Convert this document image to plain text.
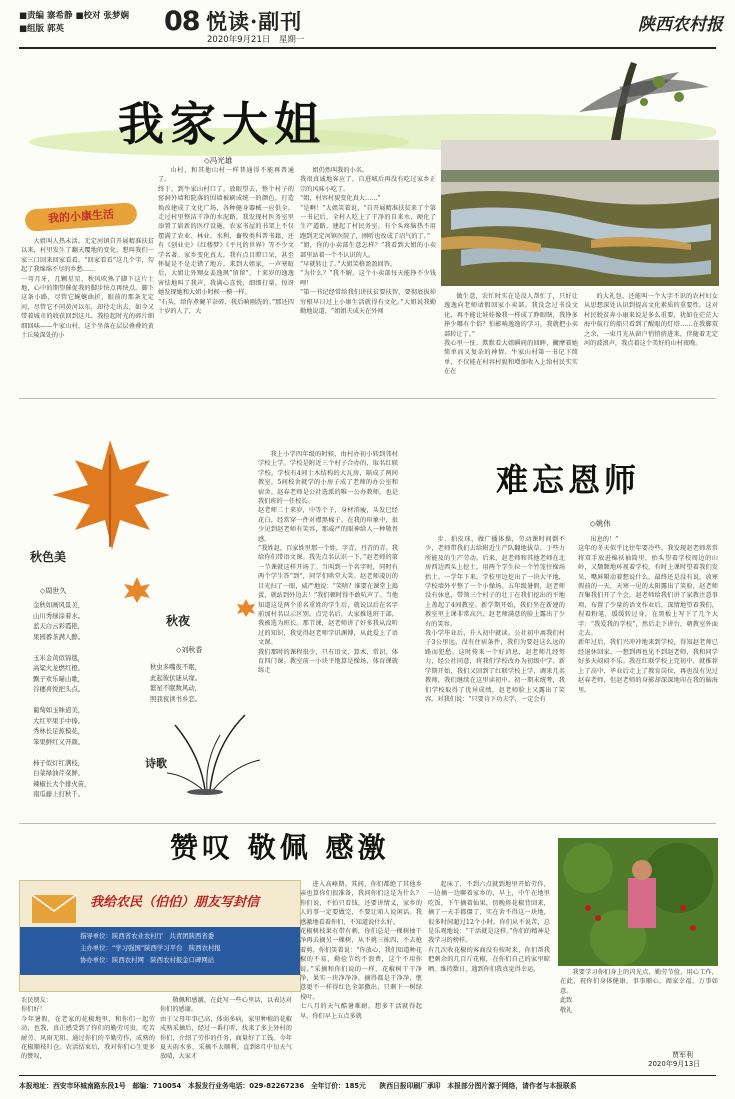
■责编 寨希静 ■校对 张梦娴
■组版 郭英	08 悦读·副刊
2020年9月21日　星期一
陕西农村报
我家大姐
◇冯光雄
我的小康生活
大姐叫人热未活，无定河镇自开展精准扶贫以来，村里发生了翻天覆地的变化，想叫我们一家三口回来回家看看。“回家看看”这几个字，勾起了我绵绵不尽的乡愁……
一弯月牙，几颗星星，秋风吹熟了脚下这片土地，心中的期望催促我的脚步快点再快点。脚下这条小路，尽管它蜿蜒曲折，眼前的那条无定河，尽管它不同黄河以东，却待走出去，如今又带着城市的收获回到这儿。我捡起时光的碎片细细回味——牛家山村，这个坐落在层层叠叠的黄土丘陵深处的小
山村，和其他山村一样普通得不能再普通了。
终于，到牛家山村口了。放眼望去，整个村子的窑洞外墙和院落的围墙被刷成统一的颜色，打造焕改建成了文化广场，各种健身器械一应俱全。走过村里整洁干净的水泥路，我发现村医务室里添置了崭新的医疗设施，农家书屋的书架上不仅摆满了农业、林业、水利、畜牧类科普书籍，还有《创业史》《红楼梦》《平凡的世界》等不少文学名著。家乡变化真大，我有点目瞪口呆，甚至怀疑是不是走错了地方。来到大姐家，一声寒暄后，大姐让外甥女姜逸飒“留留”，十来岁的逸逸害怯地叫了我声，我满心喜悦，细细打量，惊讶她发现她和大姐小时候一模一样。
“石头，给你煮碗羊杂碎，我后晌刚洗的。”那还四十岁的人了，大
姐仍然叫我的小名。
我很真诚地客应了，自进城后再没有吃过家乡正宗的风味小吃了。
“姐，村容村貌变化真大……”
“是啊！”大姐笑着说，“自开展精准扶贫来了个第一书记后，全村人吃上了干净的自来水，硬化了生产道路，建起了村民务室，有个头疼脑热不用跑到无定河镇医院了，刚听也改成了沼气的了。”
“姐，你的小卖部生意怎样？”我看到大姐的小卖部里站着一个不认识的人。
“早就转让了。”大姐笑格盈盈回答。
“为什么？”我不解，这个小卖部每天能挣不少钱哩！
“第一书记经常给我们讲扶贫要扶智，要彻底拔掉穷根早日过上小康生活就得有文化。”大姐说我勤勤地说道，“姐姐夫成天在外闯
做生意，农忙时实在是没人帮忙了，只好让逸逸向老师请假回家小卖部。我没念过书没文化，再不能让娃娃像我一样成了睁眼瞎，我挣多挣少哪有个俗？怕影响逸逸的学习，我就把小卖部转让了。”
我心里一怔，默默看大姐瞬间的回眸，撇摩着她简单而又复杂的神情。牛家山村第一书记卞简单，不仅能在村容村貌和增加收入上给村民实实在在
的大礼包，还能叫一个大字不识的农村妇女从思想深处认识到提高文化素质的重要性。这对村民脱贫奔小康来说是多么重要，犹如在茫茫大海中航行的船只看到了醒眼的灯塔……在我脚双之余，一束月光从窗户悄悄挤进来，伴随着无定河的波浪声，我点着这个美好的山村夜晚。
秋色美
◇周世久
金秋如画风景美，
山川秀绿涂着水。
蓝天白云彩霞艳，
果园番茶满人醉。

玉米金黄似锦毯，
高粱火龙燃红橙。
飘子欢乐喵山歌，
谷穗喜悦把头点。

葡萄如玉味道美，
大红苹果手中捧。
秀林长足蕉模花，
笨果鲜红又开颜。

柿子似灯红满枝，
白菜绿油芹菜鲜。
辣椒长大个排火苗，
南瓜藤上打秋千。
秋夜
◇刘秋香
秋虫多嘴夜不眠，
此起彼伏谜从缘。
繁星不眠数风动，
照我夜读书乡恋。
诗歌
我上小学四年级的时候，由村办初小转到邻村学校上学。学校是附近三个村子合办的，取名红联学校。学校有4间土木结构的大瓦房，隔成了两间教室，5间校舍就学的小房子成了老师的办公室和宿舍。赵春老师是公社选派的唯一公办教师，也是我们班的一任校长。
赵老师二十来岁，中等个子，身材消瘦，头发已经花白，经常穿一件对襟黑棉子。在我的印象中，很少见到赵老师有笑容，那威严的眼神给人一种敬畏感。
“我姓赵，百家姓里那一个姓，字青，丹青的青。我给你们带语文课。我先点名认识一下，”赵老师的第一节课就这样开场了。当叫到一个名字时，同时有两个学生答“到”，同学们哄堂大笑。赵老师凌厉的目光扫了一眼，威严地说：“笑啥？谁要在课堂上捣蛋，就站到外边去！”我们顿时得不敢吭声了。当他知道这是两个重名重姓的学生后，就说以后在名字前加村名以示区别。点完名后，大家推选班干部，我被选为班长。那节课，赵老师讲了好多我从没听过的知识，我觉得赵老师学识渊博，从此爱上了语文课。
我们那时的课程很少，只有语文、算术、常识、体育四门课。教室前一小块平地算是操场，体育课就练走
难忘恩师
◇姚伟
步、拍皮球、做广播体操，劳动课时间倒不少，老师带我们去给附近生产队翻地拔草，于些力所能及的生产劳动。后来，赵老师和其他老师在北房西边西头上挖土，用两个学生拉一个竹笼往操场抬土。一学年下来，学校里边挖出了一块大平地，学校墙外平整了一个小操场。五年级暑假，赵老师没有休息，带领三个村子的壮丁在我们挖出的平地上盖起了4间教室。新学期开始，我们坐在新建的教室里上课非常高兴，赵老师满意的脸上露出了少有的笑容。
我小学毕业后，升入初中就读。公社初中离我们村子3公里远，没有住宿条件，我们为要赶这么远的路而犯愁。这时传来一个好消息，赵老师几经努力，经公社同意，将我们学校改办为初级中学。新学期开始，我们又回到了红联学校上学，调来几名教师，我们继续在这里读初中。初一期末统考，我们学校取得了优异成绩，赵老师脸上又露出了笑容。对我们说：“只要肯下功夫学，一定会有
出息的！”
这年的冬天似乎比往年要冷些。我发现赵老师常常将双手放进棉袄袖筒里，抬头望着学校周边的山岭，又颓颓地环视着学校，有时上课时望着我们发呆，嘴唇嗫动着想说什么，最终还是没有说。放寒假前的一天，天寒一见的太阳露出了笑脸，赵老师召集我们开了个会，赵老师给我们讲了家教注意事项，布置了少量的语文作业后，深情地望着我们，捏着粉笔，缓缓转过身，在黑板上写下了几个大字：“我爱我的学校”，然后走下讲台，朝教室外面走去。
新年过后，我们兴冲冲地来到学校，得知赵老师已经退休回家。一想到再也见不到赵老师，我和同学好多天闷闷不乐。我在红联学校上完初中，就推荐上了高中，毕业后走上了教育岗位，再也没有见过赵春老师，但赵老师的身影却深深地印在我的脑海里。
赞叹 敬佩 感激
我给农民（伯伯）朋友写封信
指导单位：陕西省农业农村厅　共青团陕西省委
主办单位：“学习强国”陕西学习平台　陕西农村报
协办单位：陕西农村网　陕西农村报金口碑网站
农民朋友：
你们好！
今年暑假，在老家的花椒地里，和你们一起劳动，也我，真正感受到了你们的勤劳可贵，吃苦耐劳、风雨无阻、通过你们的辛勤劳作，成熟的花椒顺枝归仓。农活结束后，我对你们心生更多的赞叹，
敬佩和感激，在此写一些心里话，以表达对你们的感谢。
由于父母年事已高，体弱多病，家里种植的花椒成熟采摘后，经过一番打听，找来了多上外村的你们，介绍了劳作的任务，商量好了工钱。今年夏天雨水多，采摘不太顺利，直到8月中旬天气放晴，大家才
进入高峰期。其间，你们都绝了其他乡亲也算你们很准备，我问你们这是为什么？你们说，不怕只看钱，还要讲情义，家乡的人的事一定要做完，不要让咱人说闲话。我感激地看着你们，不知道说什么好。
花椒树枝果有带有刺，你们总是一棵树抽干净再去摘另一棵树，从不挑三拣四，不去抢着剪。你们笑着说：“你放心，我们知道种花椒的不易，勤俭节约不浪费，这个不用你说。”采摘和你们说的一样，花椒树干干净净，果实一块净净净，摘得都是干净净，惬意更不一样得红色全部撒出，只剩下一树绿枝叶。
七八月的天气酷暑难耐，想多干活就得起早，你们早上五点多就
起床了，不到六点就到地里开始劳作，一边摘一边聊着家乡的，早上，中午在地里吃饭，下午摘着仙果，傍晚将花椒背回来，摘了一天手都僵了，实在舍不得这一块地，很多时间超过12个小时。你们从不说苦，总是乐观地说：“干活就是这样。”你们的精神是我学习的榜样。
有几次收花椒的客商没有按时来，你们帮我把剩余的几百斤花椒，在你们自己的家里晾晒，维持数日，遇到你们我真觉得幸运。	我要学习你们身上的闪光点，勤劳节俭，用心工作，在此，祝你们身体健康，事事顺心，阖家幸福，万事如意。
此致
敬礼
贾军利
2020年9月13日
本报地址：西安市环城南路东段1号　邮编：710054　本报发行业务电话：029-82267236　全年订价：185元　　陕西日报印刷厂承印　本报部分图片源于网络，请作者与本报联系
